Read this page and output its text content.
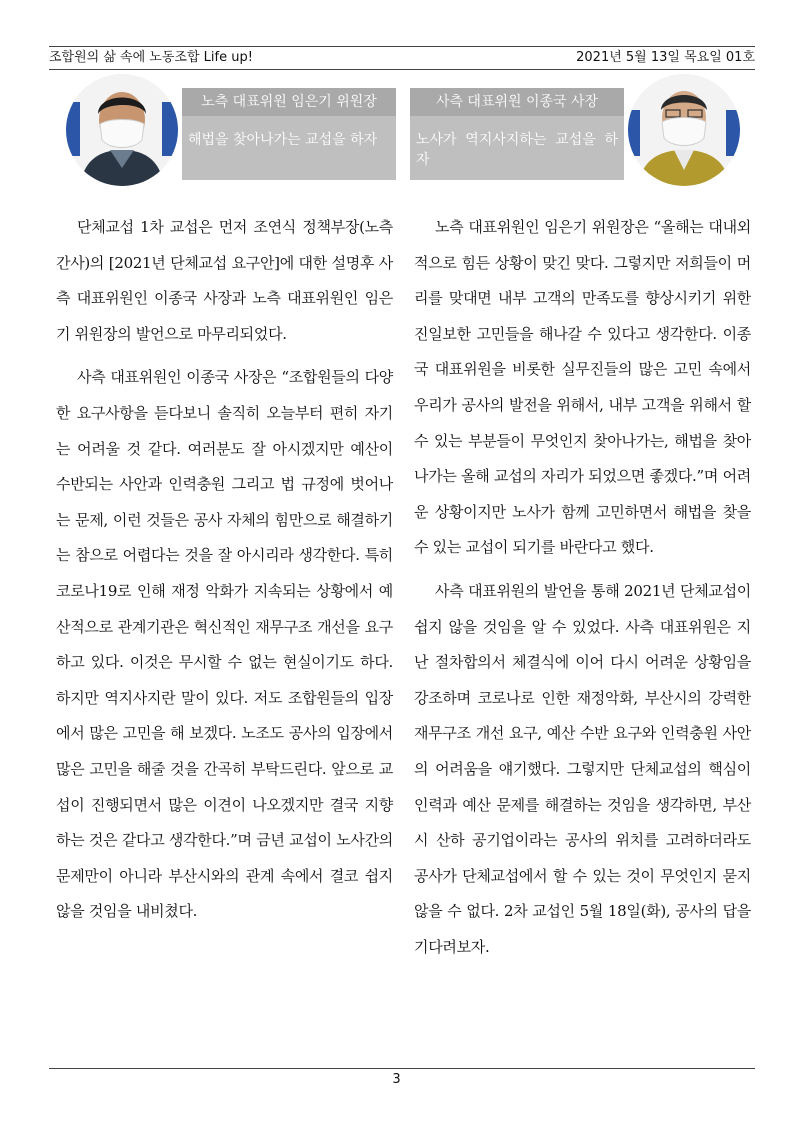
조합원의 삶 속에 노동조합 Life up!	2021년 5월 13일 목요일 01호
노측 대표위원 임은기 위원장
해법을 찾아나가는 교섭을 하자
사측 대표위원 이종국 사장
노사가 역지사지하는 교섭을 하자

단체교섭 1차 교섭은 먼저 조연식 정책부장(노측 간사)의 [2021년 단체교섭 요구안]에 대한 설명후 사측 대표위원인 이종국 사장과 노측 대표위원인 임은기 위원장의 발언으로 마무리되었다.

사측 대표위원인 이종국 사장은 “조합원들의 다양한 요구사항을 듣다보니 솔직히 오늘부터 편히 자기는 어려울 것 같다. 여러분도 잘 아시겠지만 예산이 수반되는 사안과 인력충원 그리고 법 규정에 벗어나는 문제, 이런 것들은 공사 자체의 힘만으로 해결하기는 참으로 어렵다는 것을 잘 아시리라 생각한다. 특히 코로나19로 인해 재정 악화가 지속되는 상황에서 예산적으로 관계기관은 혁신적인 재무구조 개선을 요구하고 있다. 이것은 무시할 수 없는 현실이기도 하다. 하지만 역지사지란 말이 있다. 저도 조합원들의 입장에서 많은 고민을 해 보겠다. 노조도 공사의 입장에서 많은 고민을 해줄 것을 간곡히 부탁드린다. 앞으로 교섭이 진행되면서 많은 이견이 나오겠지만 결국 지향하는 것은 같다고 생각한다.”며 금년 교섭이 노사간의 문제만이 아니라 부산시와의 관계 속에서 결코 쉽지 않을 것임을 내비쳤다.

노측 대표위원인 임은기 위원장은 “올해는 대내외적으로 힘든 상황이 맞긴 맞다. 그렇지만 저희들이 머리를 맞대면 내부 고객의 만족도를 향상시키기 위한 진일보한 고민들을 해나갈 수 있다고 생각한다. 이종국 대표위원을 비롯한 실무진들의 많은 고민 속에서 우리가 공사의 발전을 위해서, 내부 고객을 위해서 할 수 있는 부분들이 무엇인지 찾아나가는, 해법을 찾아나가는 올해 교섭의 자리가 되었으면 좋겠다.”며 어려운 상황이지만 노사가 함께 고민하면서 해법을 찾을 수 있는 교섭이 되기를 바란다고 했다.

사측 대표위원의 발언을 통해 2021년 단체교섭이 쉽지 않을 것임을 알 수 있었다. 사측 대표위원은 지난 절차합의서 체결식에 이어 다시 어려운 상황임을 강조하며 코로나로 인한 재정악화, 부산시의 강력한 재무구조 개선 요구, 예산 수반 요구와 인력충원 사안의 어려움을 얘기했다. 그렇지만 단체교섭의 핵심이 인력과 예산 문제를 해결하는 것임을 생각하면, 부산시 산하 공기업이라는 공사의 위치를 고려하더라도 공사가 단체교섭에서 할 수 있는 것이 무엇인지 묻지 않을 수 없다. 2차 교섭인 5월 18일(화), 공사의 답을 기다려보자.

3
